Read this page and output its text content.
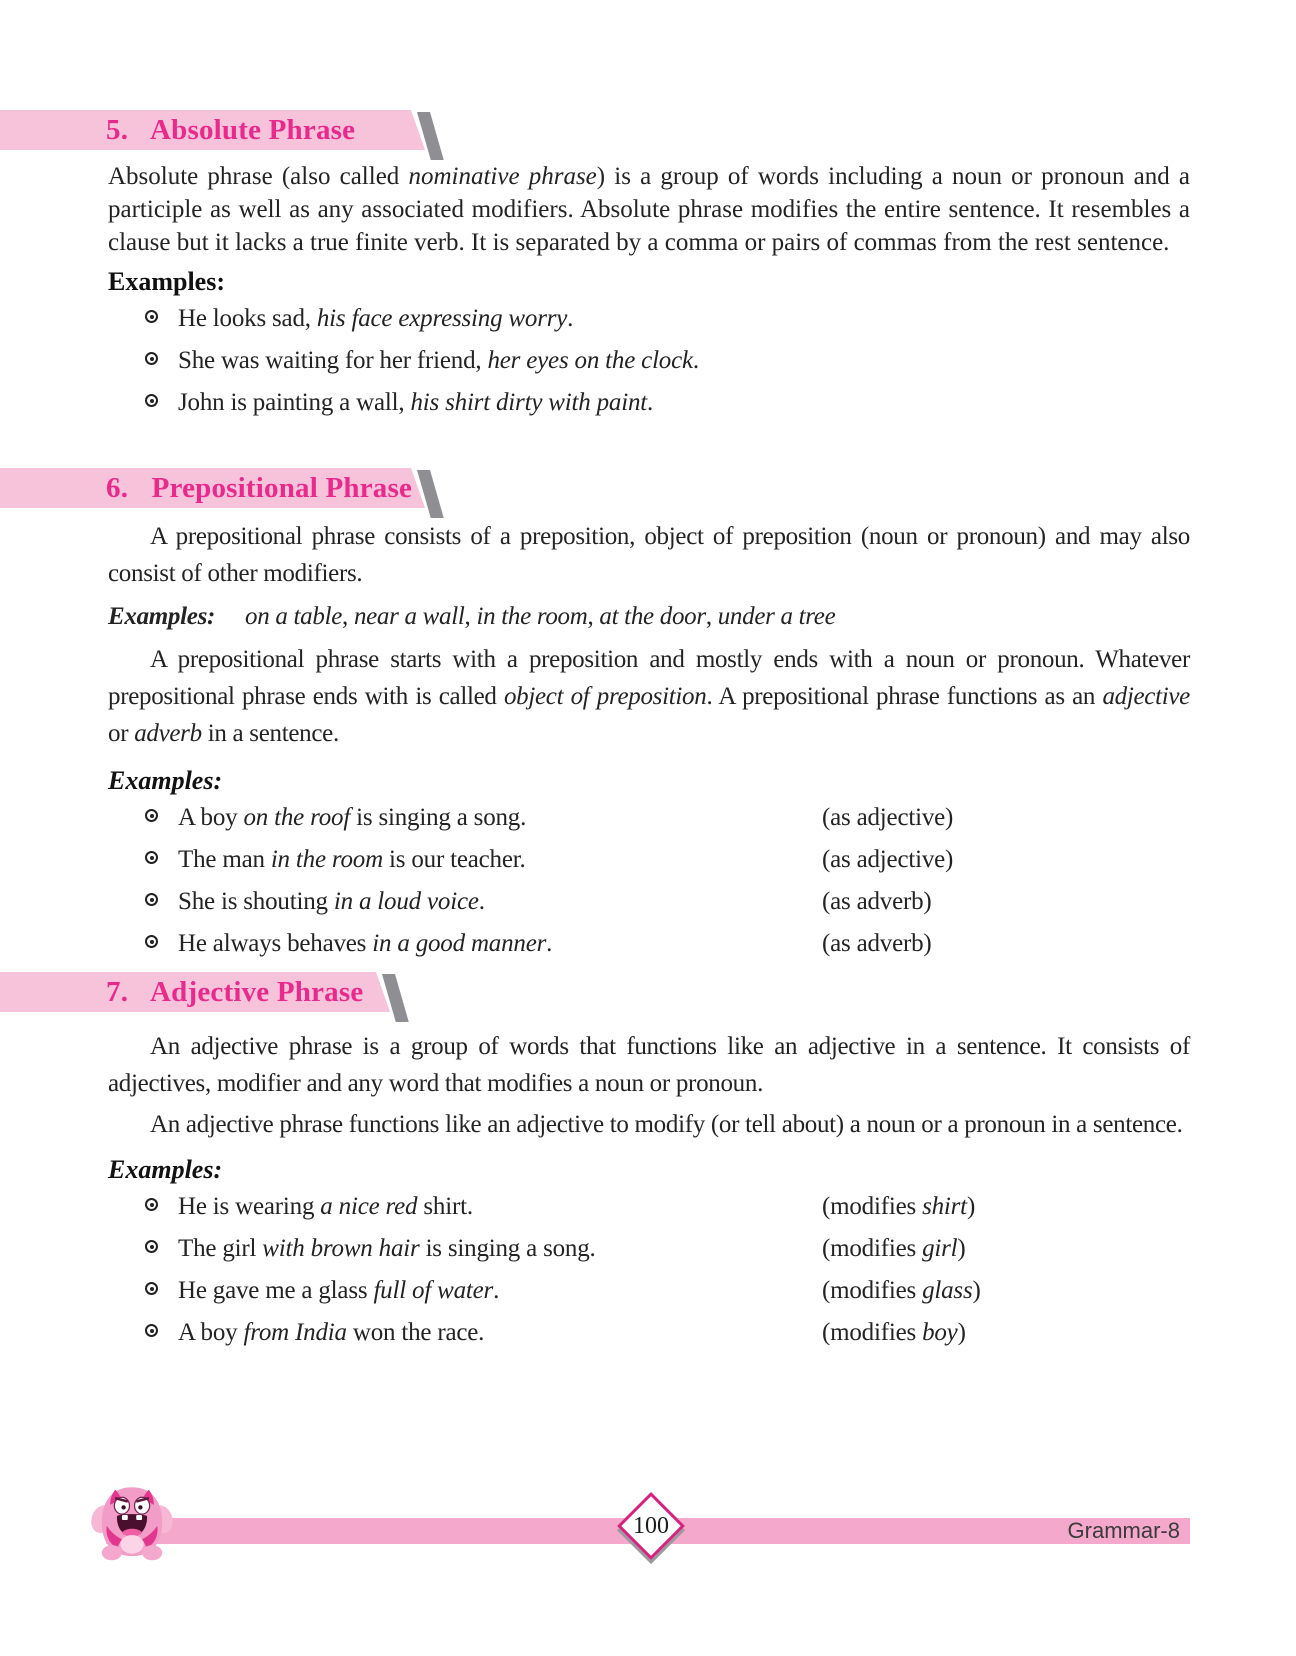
5. Absolute Phrase

Absolute phrase (also called nominative phrase) is a group of words including a noun or pronoun and a participle as well as any associated modifiers. Absolute phrase modifies the entire sentence. It resembles a clause but it lacks a true finite verb. It is separated by a comma or pairs of commas from the rest sentence.

Examples:

He looks sad, his face expressing worry.
She was waiting for her friend, her eyes on the clock.
John is painting a wall, his shirt dirty with paint.
6. Prepositional Phrase

A prepositional phrase consists of a preposition, object of preposition (noun or pronoun) and may also consist of other modifiers.

Examples: on a table, near a wall, in the room, at the door, under a tree

A prepositional phrase starts with a preposition and mostly ends with a noun or pronoun. Whatever prepositional phrase ends with is called object of preposition. A prepositional phrase functions as an adjective or adverb in a sentence.

Examples:

A boy on the roof is singing a song.	(as adjective)
The man in the room is our teacher.	(as adjective)
She is shouting in a loud voice.	(as adverb)
He always behaves in a good manner.	(as adverb)
7. Adjective Phrase

An adjective phrase is a group of words that functions like an adjective in a sentence. It consists of adjectives, modifier and any word that modifies a noun or pronoun.

An adjective phrase functions like an adjective to modify (or tell about) a noun or a pronoun in a sentence.

Examples:

He is wearing a nice red shirt.	(modifies shirt)
The girl with brown hair is singing a song.	(modifies girl)
He gave me a glass full of water.	(modifies glass)
A boy from India won the race.	(modifies boy)
100	Grammar-8
